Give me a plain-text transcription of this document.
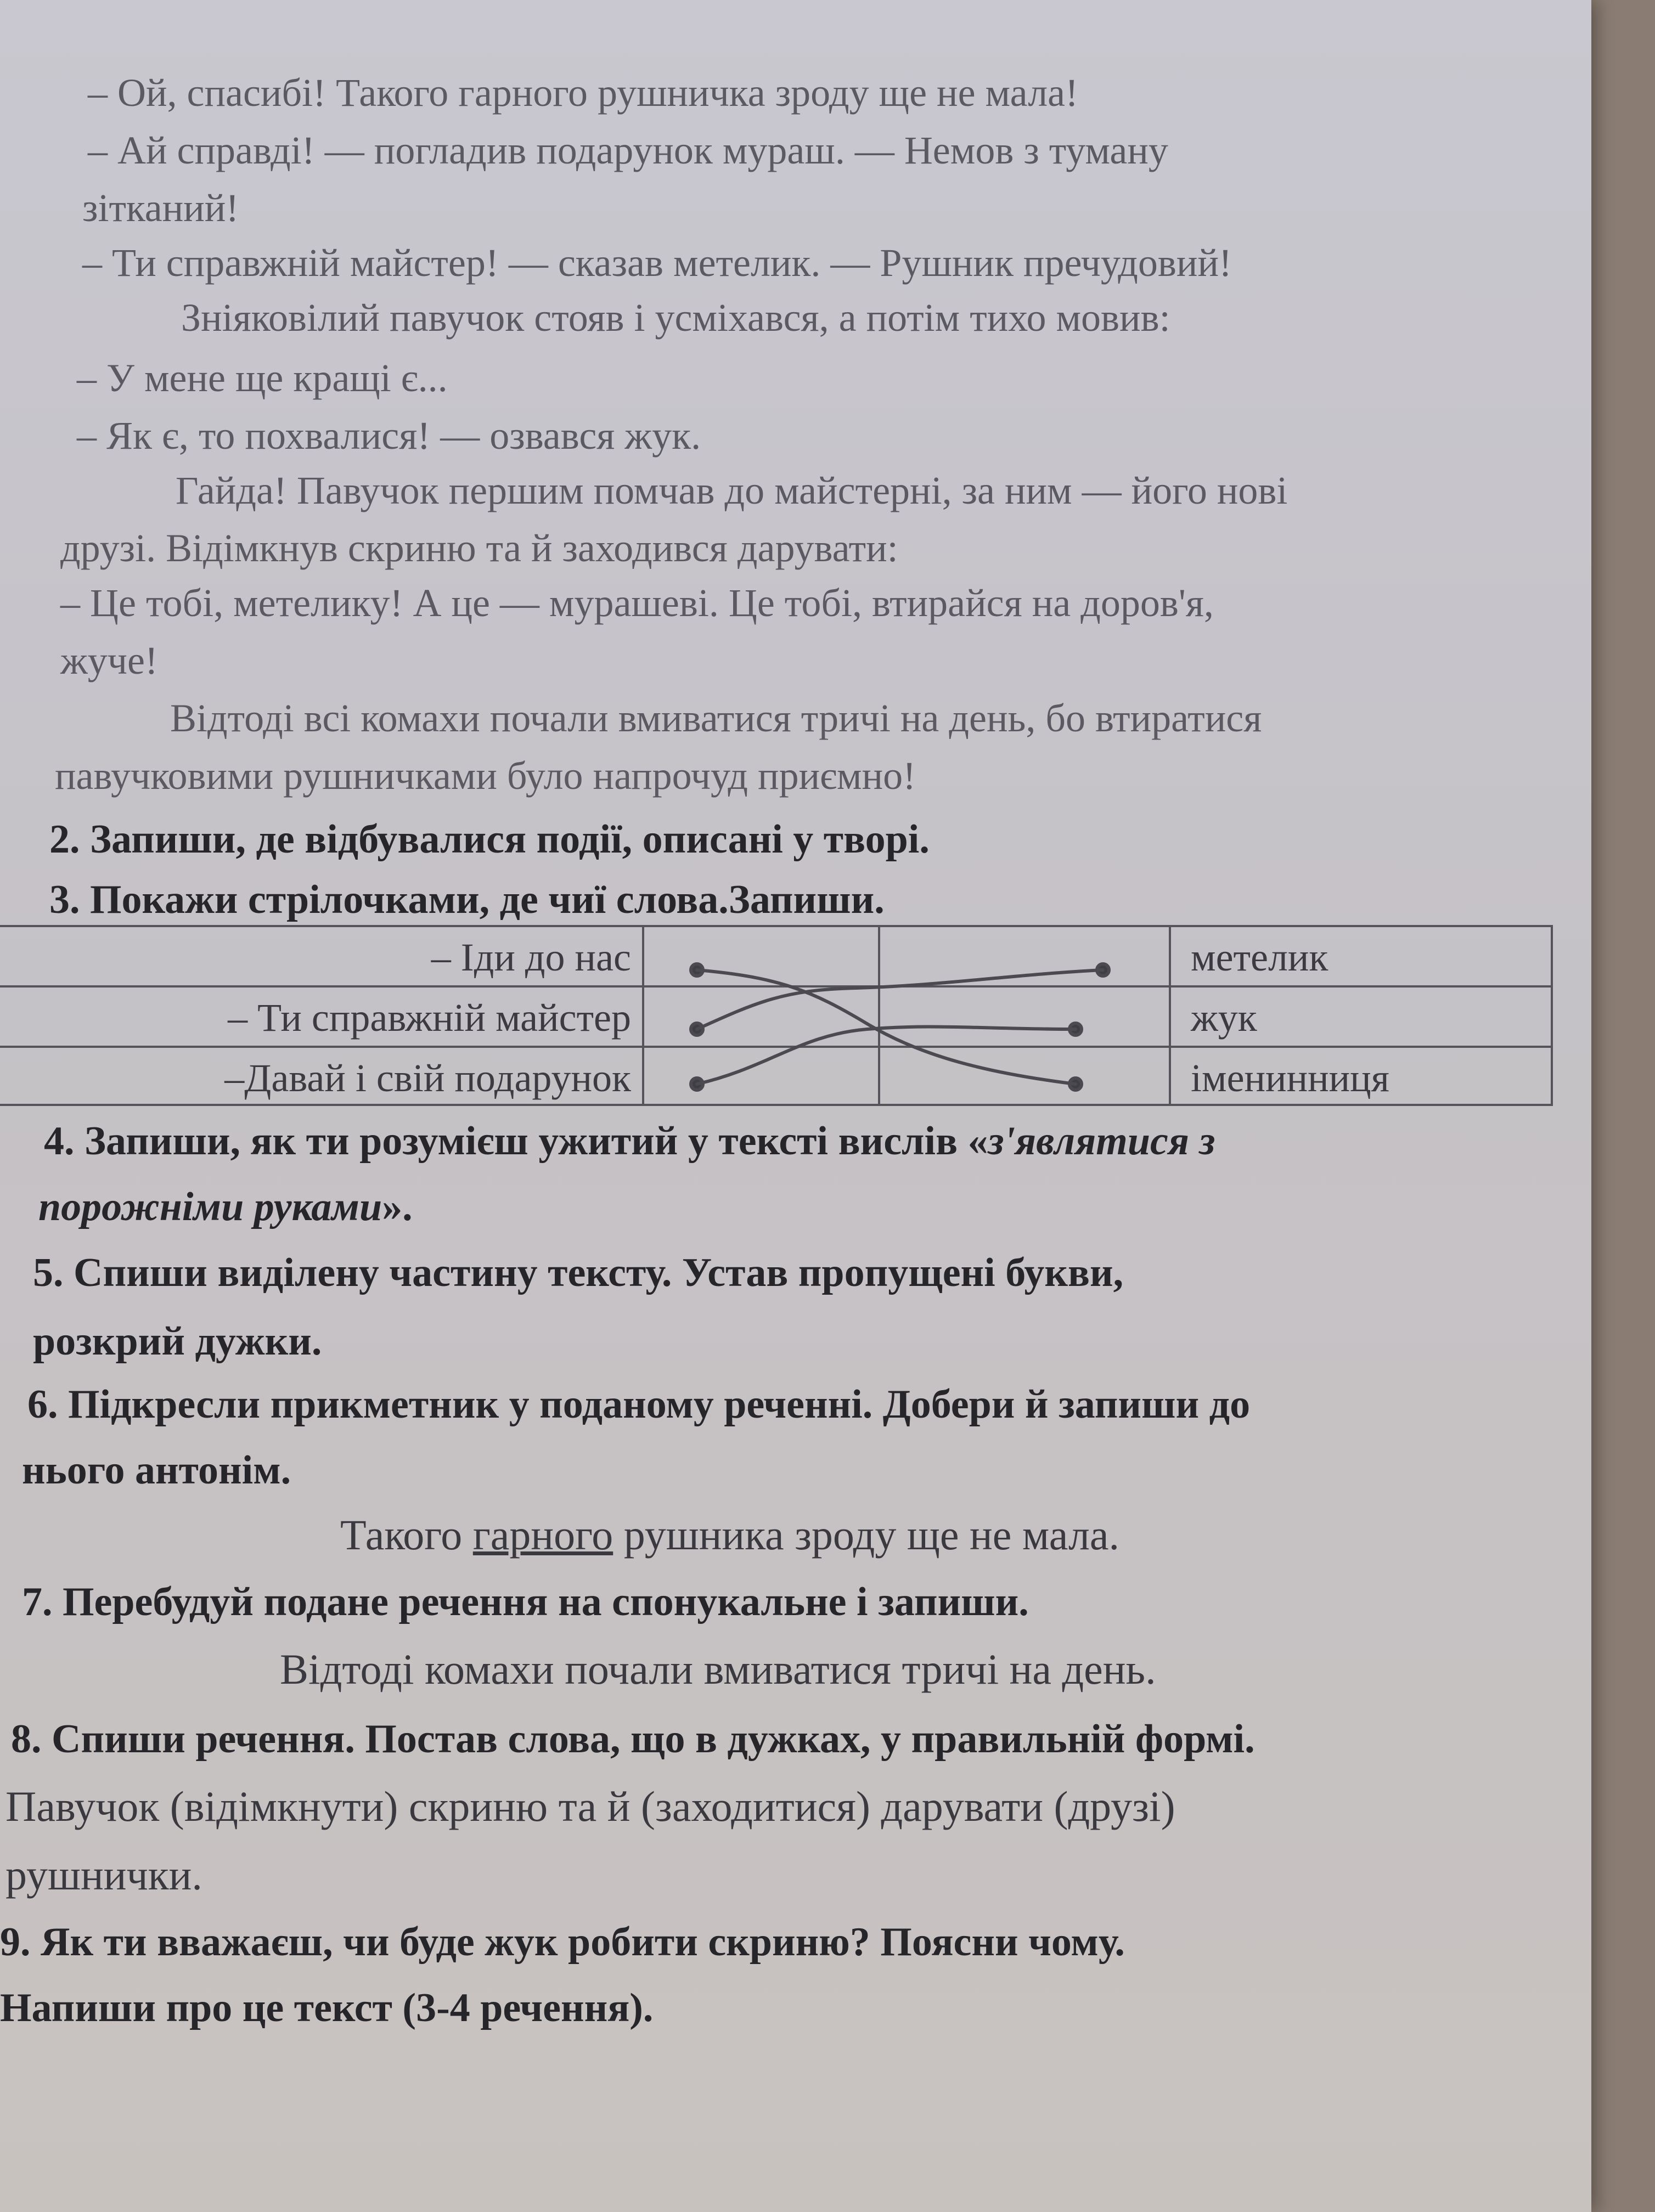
– Ой, спасибі! Такого гарного рушничка зроду ще не мала!
– Ай справді! — погладив подарунок мураш. — Немов з туману
зітканий!
– Ти справжній майстер! — сказав метелик. — Рушник пречудовий!
Зніяковілий павучок стояв і усміхався, а потім тихо мовив:
– У мене ще кращі є...
– Як є, то похвалися! — озвався жук.
Гайда! Павучок першим помчав до майстерні, за ним — його нові
друзі. Відімкнув скриню та й заходився дарувати:
– Це тобі, метелику! А це — мурашеві. Це тобі, втирайся на доров'я,
жуче!
Відтоді всі комахи почали вмиватися тричі на день, бо втиратися
павучковими рушничками було напрочуд приємно!
2. Запиши, де відбувалися події, описані у творі.
3. Покажи стрілочками, де чиї слова.Запиши.
– Іди до нас
– Ти справжній майстер
–Давай і свій подарунок
метелик
жук
іменинниця
4. Запиши, як ти розумієш ужитий у тексті вислів «з'являтися з
порожніми руками».
5. Спиши виділену частину тексту. Устав пропущені букви,
розкрий дужки.
6. Підкресли прикметник у поданому реченні. Добери й запиши до
нього антонім.
Такого гарного рушника зроду ще не мала.
7. Перебудуй подане речення на спонукальне і запиши.
Відтоді комахи почали вмиватися тричі на день.
8. Спиши речення. Постав слова, що в дужках, у правильній формі.
Павучок (відімкнути) скриню та й (заходитися) дарувати (друзі)
рушнички.
9. Як ти вважаєш, чи буде жук робити скриню? Поясни чому.
Напиши про це текст (3-4 речення).
